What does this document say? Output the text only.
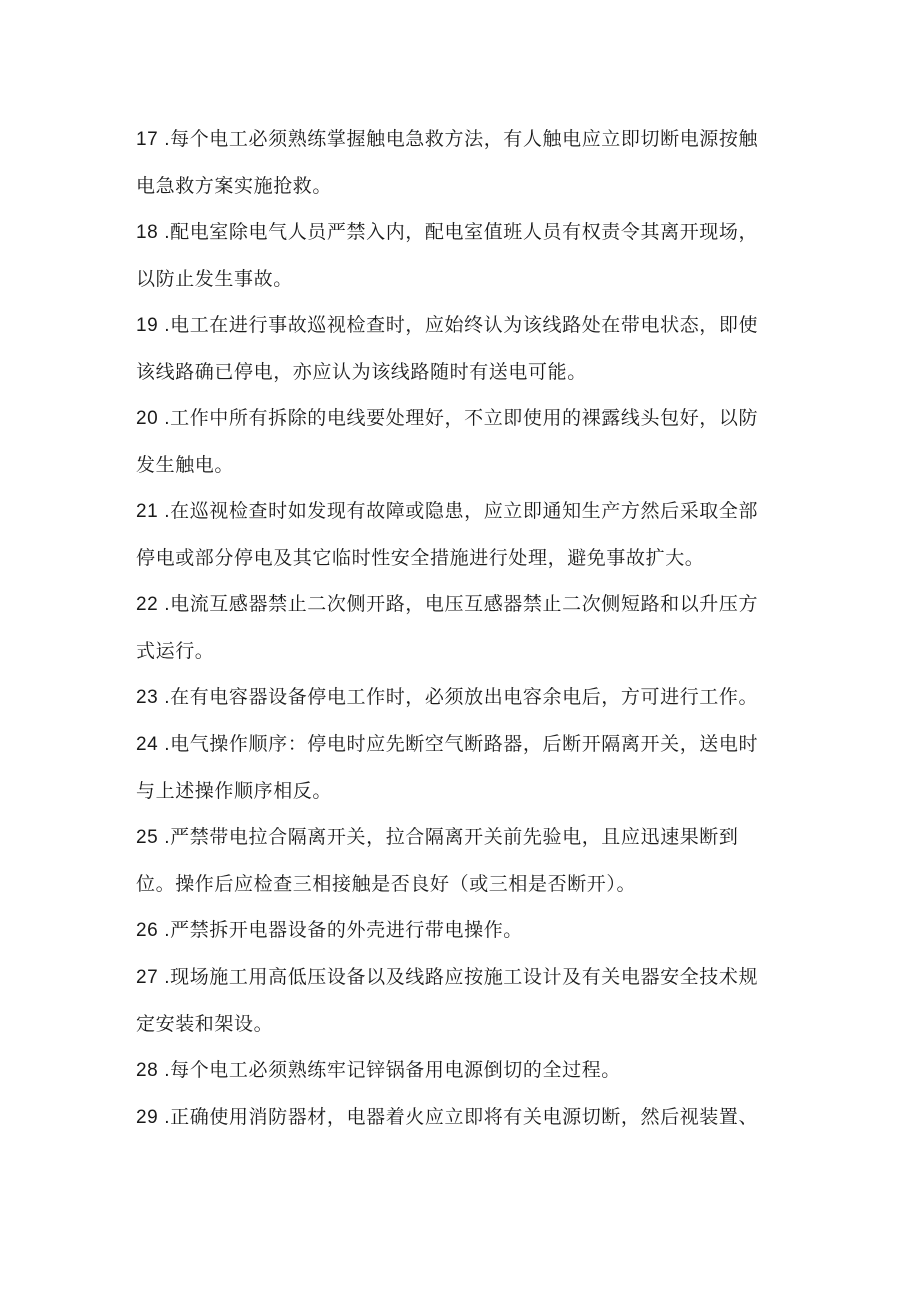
17 .每个电工必须熟练掌握触电急救方法，有人触电应立即切断电源按触
电急救方案实施抢救。
18 .配电室除电气人员严禁入内，配电室值班人员有权责令其离开现场，
以防止发生事故。
19 .电工在进行事故巡视检查时，应始终认为该线路处在带电状态，即使
该线路确已停电，亦应认为该线路随时有送电可能。
20 .工作中所有拆除的电线要处理好，不立即使用的裸露线头包好，以防
发生触电。
21 .在巡视检查时如发现有故障或隐患，应立即通知生产方然后采取全部
停电或部分停电及其它临时性安全措施进行处理，避免事故扩大。
22 .电流互感器禁止二次侧开路，电压互感器禁止二次侧短路和以升压方
式运行。
23 .在有电容器设备停电工作时，必须放出电容余电后，方可进行工作。
24 .电气操作顺序：停电时应先断空气断路器，后断开隔离开关，送电时
与上述操作顺序相反。
25 .严禁带电拉合隔离开关，拉合隔离开关前先验电，且应迅速果断到
位。操作后应检查三相接触是否良好（或三相是否断开）。
26 .严禁拆开电器设备的外壳进行带电操作。
27 .现场施工用高低压设备以及线路应按施工设计及有关电器安全技术规
定安装和架设。
28 .每个电工必须熟练牢记锌锅备用电源倒切的全过程。
29 .正确使用消防器材，电器着火应立即将有关电源切断，然后视装置、
